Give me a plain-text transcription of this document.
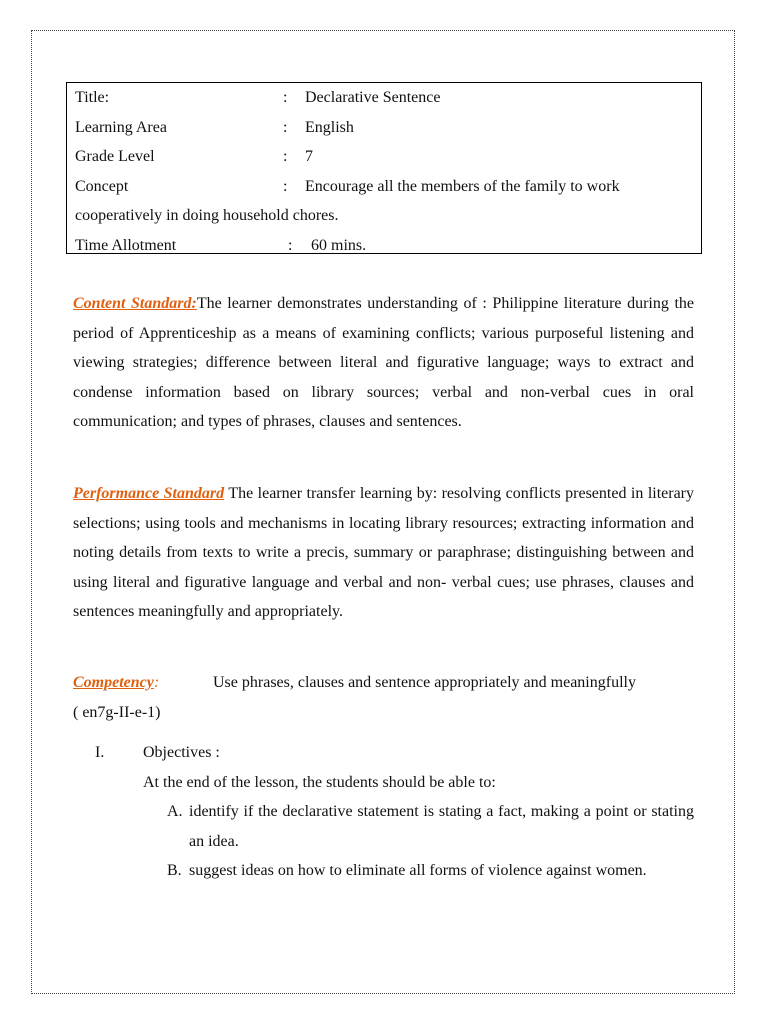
Title:	: Declarative Sentence
Learning Area	: English
Grade Level	: 7
Concept	: Encourage all the members of the family to work
cooperatively in doing household chores.
Time Allotment	: 60 mins.
Content Standard:The learner demonstrates understanding of : Philippine literature during the period of Apprenticeship as a means of examining conflicts; various purposeful listening and viewing strategies; difference between literal and figurative language; ways to extract and condense information based on library sources; verbal and non-verbal cues in oral communication; and types of phrases, clauses and sentences.
Performance Standard The learner transfer learning by: resolving conflicts presented in literary selections; using tools and mechanisms in locating library resources; extracting information and noting details from texts to write a precis, summary or paraphrase; distinguishing between and using literal and figurative language and verbal and non- verbal cues; use phrases, clauses and sentences meaningfully and appropriately.
Competency:	Use phrases, clauses and sentence appropriately and meaningfully
( en7g-II-e-1)
I. Objectives :
At the end of the lesson, the students should be able to:
A. identify if the declarative statement is stating a fact, making a point or stating an idea.
B. suggest ideas on how to eliminate all forms of violence against women.
